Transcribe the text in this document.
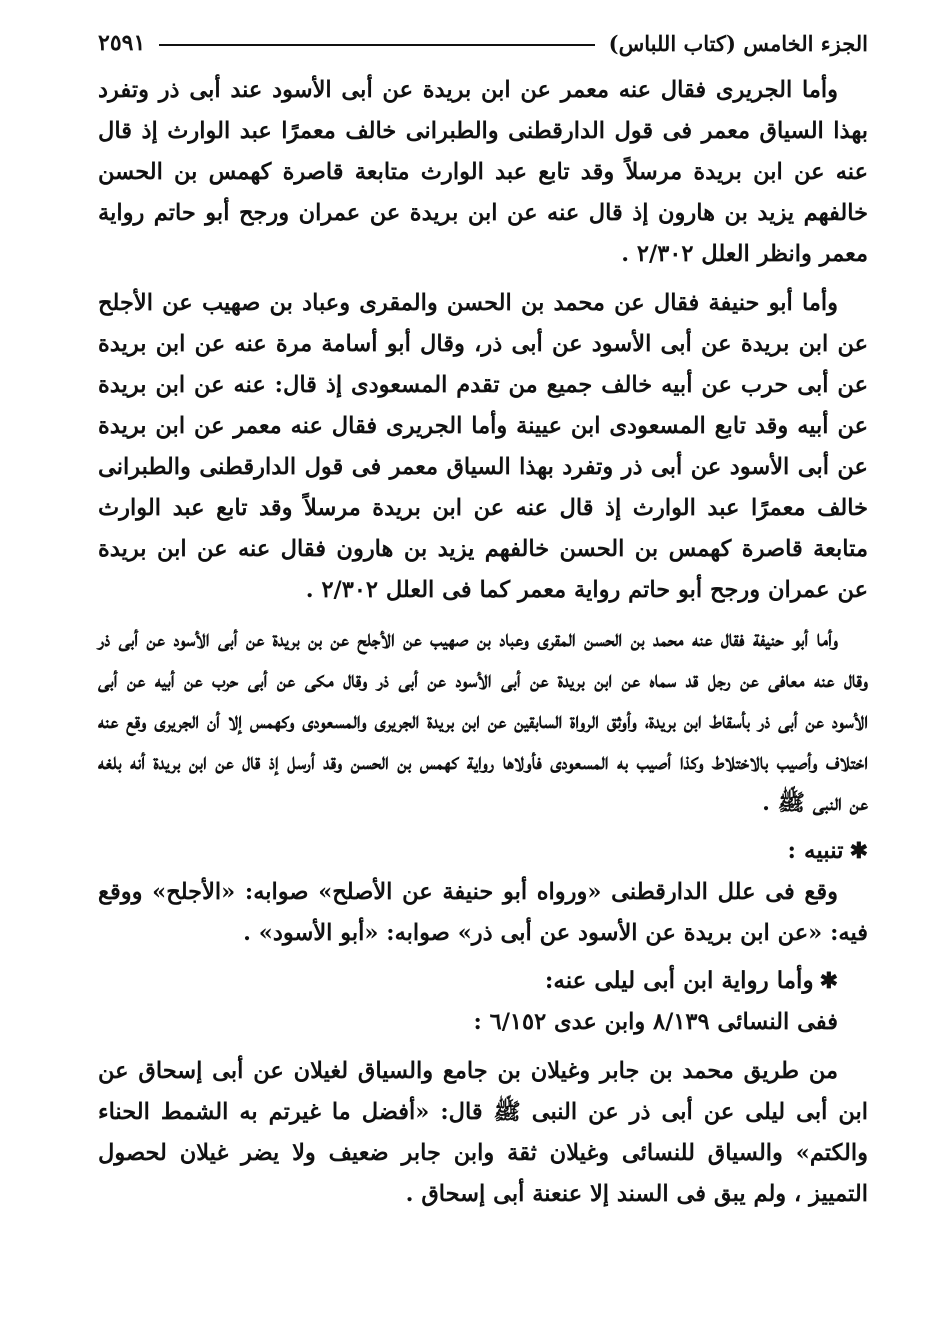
الجزء الخامس (كتاب اللباس)
٢٥٩١

وأما الجريرى فقال عنه معمر عن ابن بريدة عن أبى الأسود عند أبى ذر وتفرد بهذا السياق معمر فى قول الدارقطنى والطبرانى خالف معمرًا عبد الوارث إذ قال عنه عن ابن بريدة مرسلاً وقد تابع عبد الوارث متابعة قاصرة كهمس بن الحسن خالفهم يزيد بن هارون إذ قال عنه عن ابن بريدة عن عمران ورجح أبو حاتم رواية معمر وانظر العلل ٢/٣٠٢ .

وأما أبو حنيفة فقال عن محمد بن الحسن والمقرى وعباد بن صهيب عن الأجلح عن ابن بريدة عن أبى الأسود عن أبى ذر، وقال أبو أسامة مرة عنه عن ابن بريدة عن أبى حرب عن أبيه خالف جميع من تقدم المسعودى إذ قال: عنه عن ابن بريدة عن أبيه وقد تابع المسعودى ابن عيينة وأما الجريرى فقال عنه معمر عن ابن بريدة عن أبى الأسود عن أبى ذر وتفرد بهذا السياق معمر فى قول الدارقطنى والطبرانى خالف معمرًا عبد الوارث إذ قال عنه عن ابن بريدة مرسلاً وقد تابع عبد الوارث متابعة قاصرة كهمس بن الحسن خالفهم يزيد بن هارون فقال عنه عن ابن بريدة عن عمران ورجح أبو حاتم رواية معمر كما فى العلل ٢/٣٠٢ .

وأما أبو حنيفة فقال عنه محمد بن الحسن المقرى وعباد بن صهيب عن الأجلح عن بن بريدة عن أبى الأسود عن أبى ذر وقال عنه معافى عن رجل قد سماه عن ابن بريدة عن أبى الأسود عن أبى ذر وقال مكى عن أبى حرب عن أبيه عن أبى الأسود عن أبى ذر بأسقاط ابن بريدة، وأوثق الرواة السابقين عن ابن بريدة الجريرى والمسعودى وكهمس إلا أن الجريرى وقع عنه اختلاف وأصيب بالاختلاط وكذا أصيب به المسعودى فأولاها رواية كهمس بن الحسن وقد أرسل إذ قال عن ابن بريدة أنه بلغه عن النبى ﷺ .

✱تنبيه :

وقع فى علل الدارقطنى «ورواه أبو حنيفة عن الأصلح» صوابه: «الأجلح» ووقع فيه: «عن ابن بريدة عن الأسود عن أبى ذر» صوابه: «أبو الأسود» .

✱وأما رواية ابن أبى ليلى عنه:

ففى النسائى ٨/١٣٩ وابن عدى ٦/١٥٢ :

من طريق محمد بن جابر وغيلان بن جامع والسياق لغيلان عن أبى إسحاق عن ابن أبى ليلى عن أبى ذر عن النبى ﷺ قال: «أفضل ما غيرتم به الشمط الحناء والكتم» والسياق للنسائى وغيلان ثقة وابن جابر ضعيف ولا يضر غيلان لحصول التمييز ، ولم يبق فى السند إلا عنعنة أبى إسحاق .
